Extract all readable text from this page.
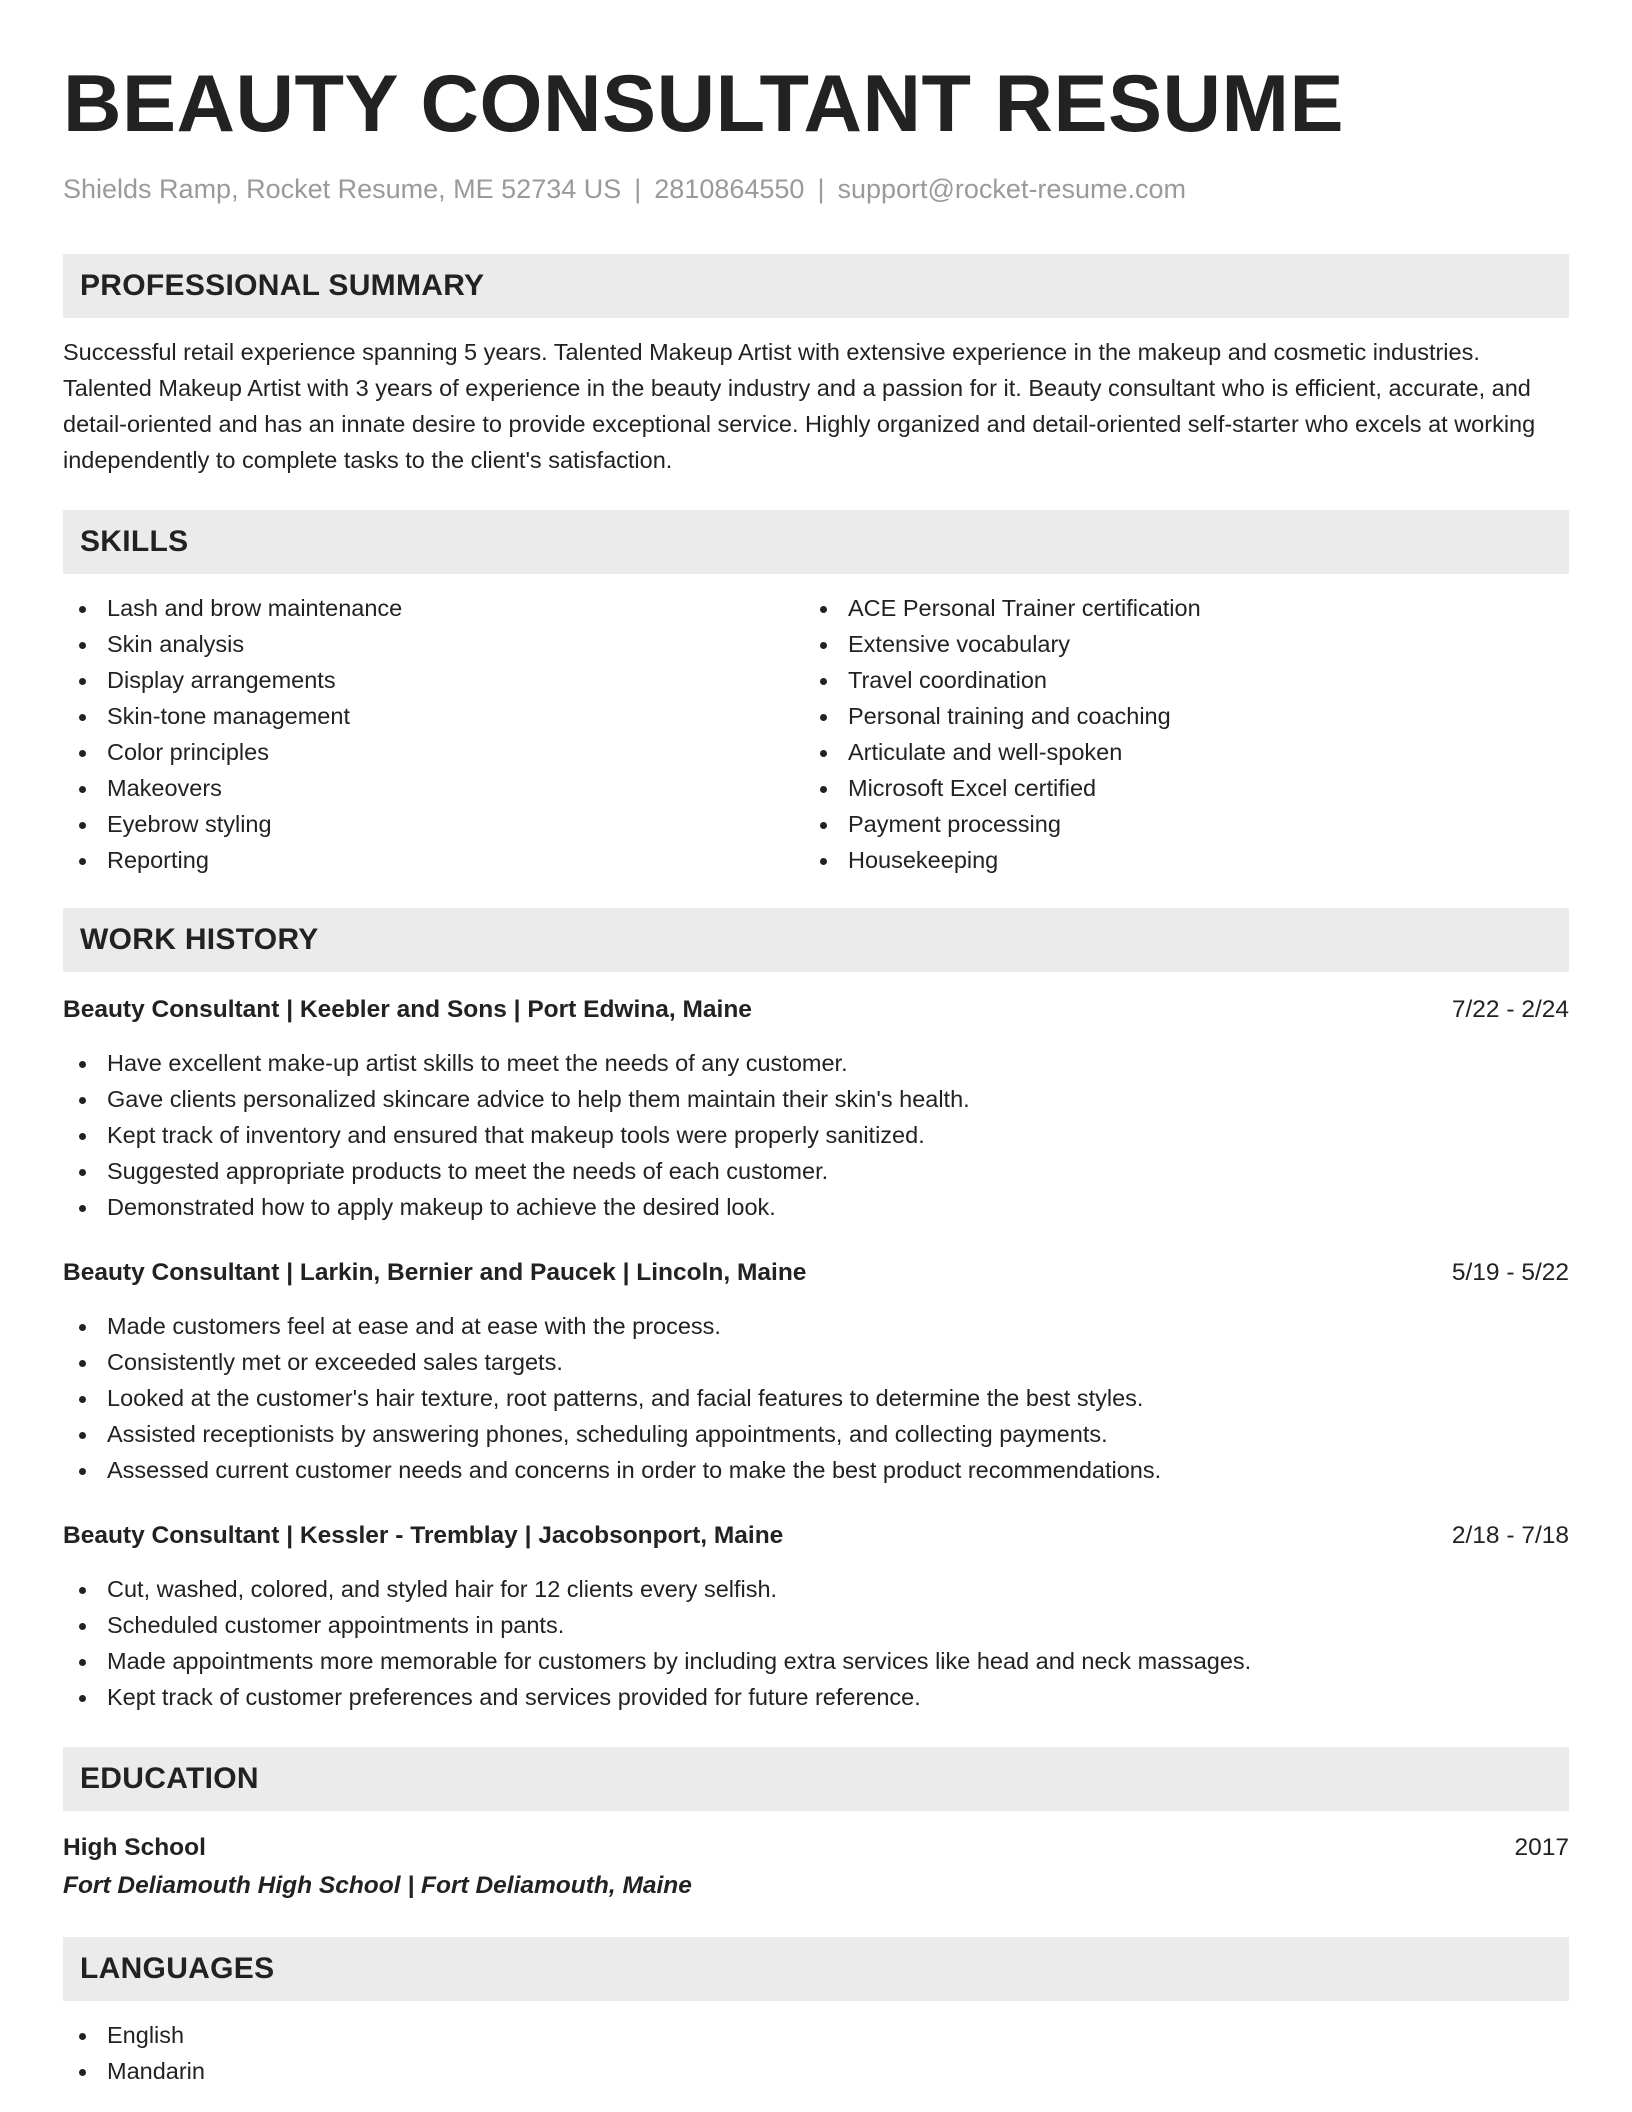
BEAUTY CONSULTANT RESUME
Shields Ramp, Rocket Resume, ME 52734 US | 2810864550 | support@rocket-resume.com
PROFESSIONAL SUMMARY

Successful retail experience spanning 5 years. Talented Makeup Artist with extensive experience in the makeup and cosmetic industries. Talented Makeup Artist with 3 years of experience in the beauty industry and a passion for it. Beauty consultant who is efficient, accurate, and detail-oriented and has an innate desire to provide exceptional service. Highly organized and detail-oriented self-starter who excels at working independently to complete tasks to the client's satisfaction.

SKILLS
Lash and brow maintenance
Skin analysis
Display arrangements
Skin-tone management
Color principles
Makeovers
Eyebrow styling
Reporting
ACE Personal Trainer certification
Extensive vocabulary
Travel coordination
Personal training and coaching
Articulate and well-spoken
Microsoft Excel certified
Payment processing
Housekeeping
WORK HISTORY
Beauty Consultant | Keebler and Sons | Port Edwina, Maine	7/22 - 2/24
Have excellent make-up artist skills to meet the needs of any customer.
Gave clients personalized skincare advice to help them maintain their skin's health.
Kept track of inventory and ensured that makeup tools were properly sanitized.
Suggested appropriate products to meet the needs of each customer.
Demonstrated how to apply makeup to achieve the desired look.
Beauty Consultant | Larkin, Bernier and Paucek | Lincoln, Maine	5/19 - 5/22
Made customers feel at ease and at ease with the process.
Consistently met or exceeded sales targets.
Looked at the customer's hair texture, root patterns, and facial features to determine the best styles.
Assisted receptionists by answering phones, scheduling appointments, and collecting payments.
Assessed current customer needs and concerns in order to make the best product recommendations.
Beauty Consultant | Kessler - Tremblay | Jacobsonport, Maine	2/18 - 7/18
Cut, washed, colored, and styled hair for 12 clients every selfish.
Scheduled customer appointments in pants.
Made appointments more memorable for customers by including extra services like head and neck massages.
Kept track of customer preferences and services provided for future reference.
EDUCATION
High School	2017
Fort Deliamouth High School | Fort Deliamouth, Maine
LANGUAGES
English
Mandarin
